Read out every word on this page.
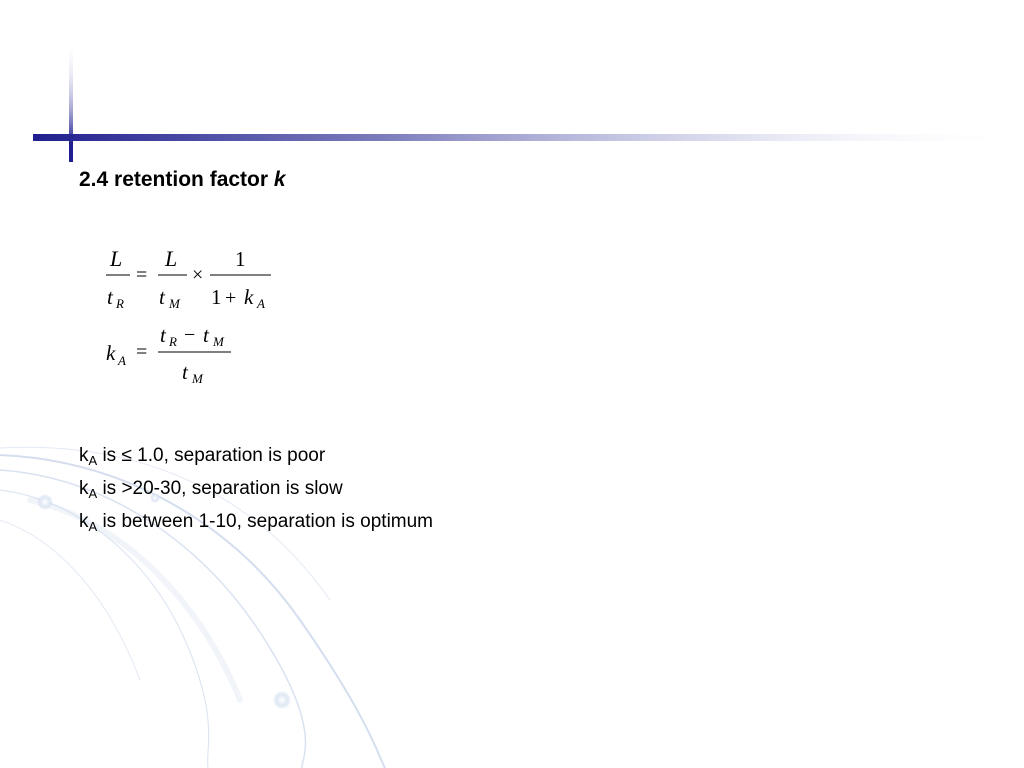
2.4 retention factor k
L
t R
=
L
t M
×
1
1 + k A
k A =
t R − t M
t M
$k_A$ is ≤ 1.0, separation is poor
$k_A$ is >20-30, separation is slow
$k_A$ is between 1-10, separation is optimum
